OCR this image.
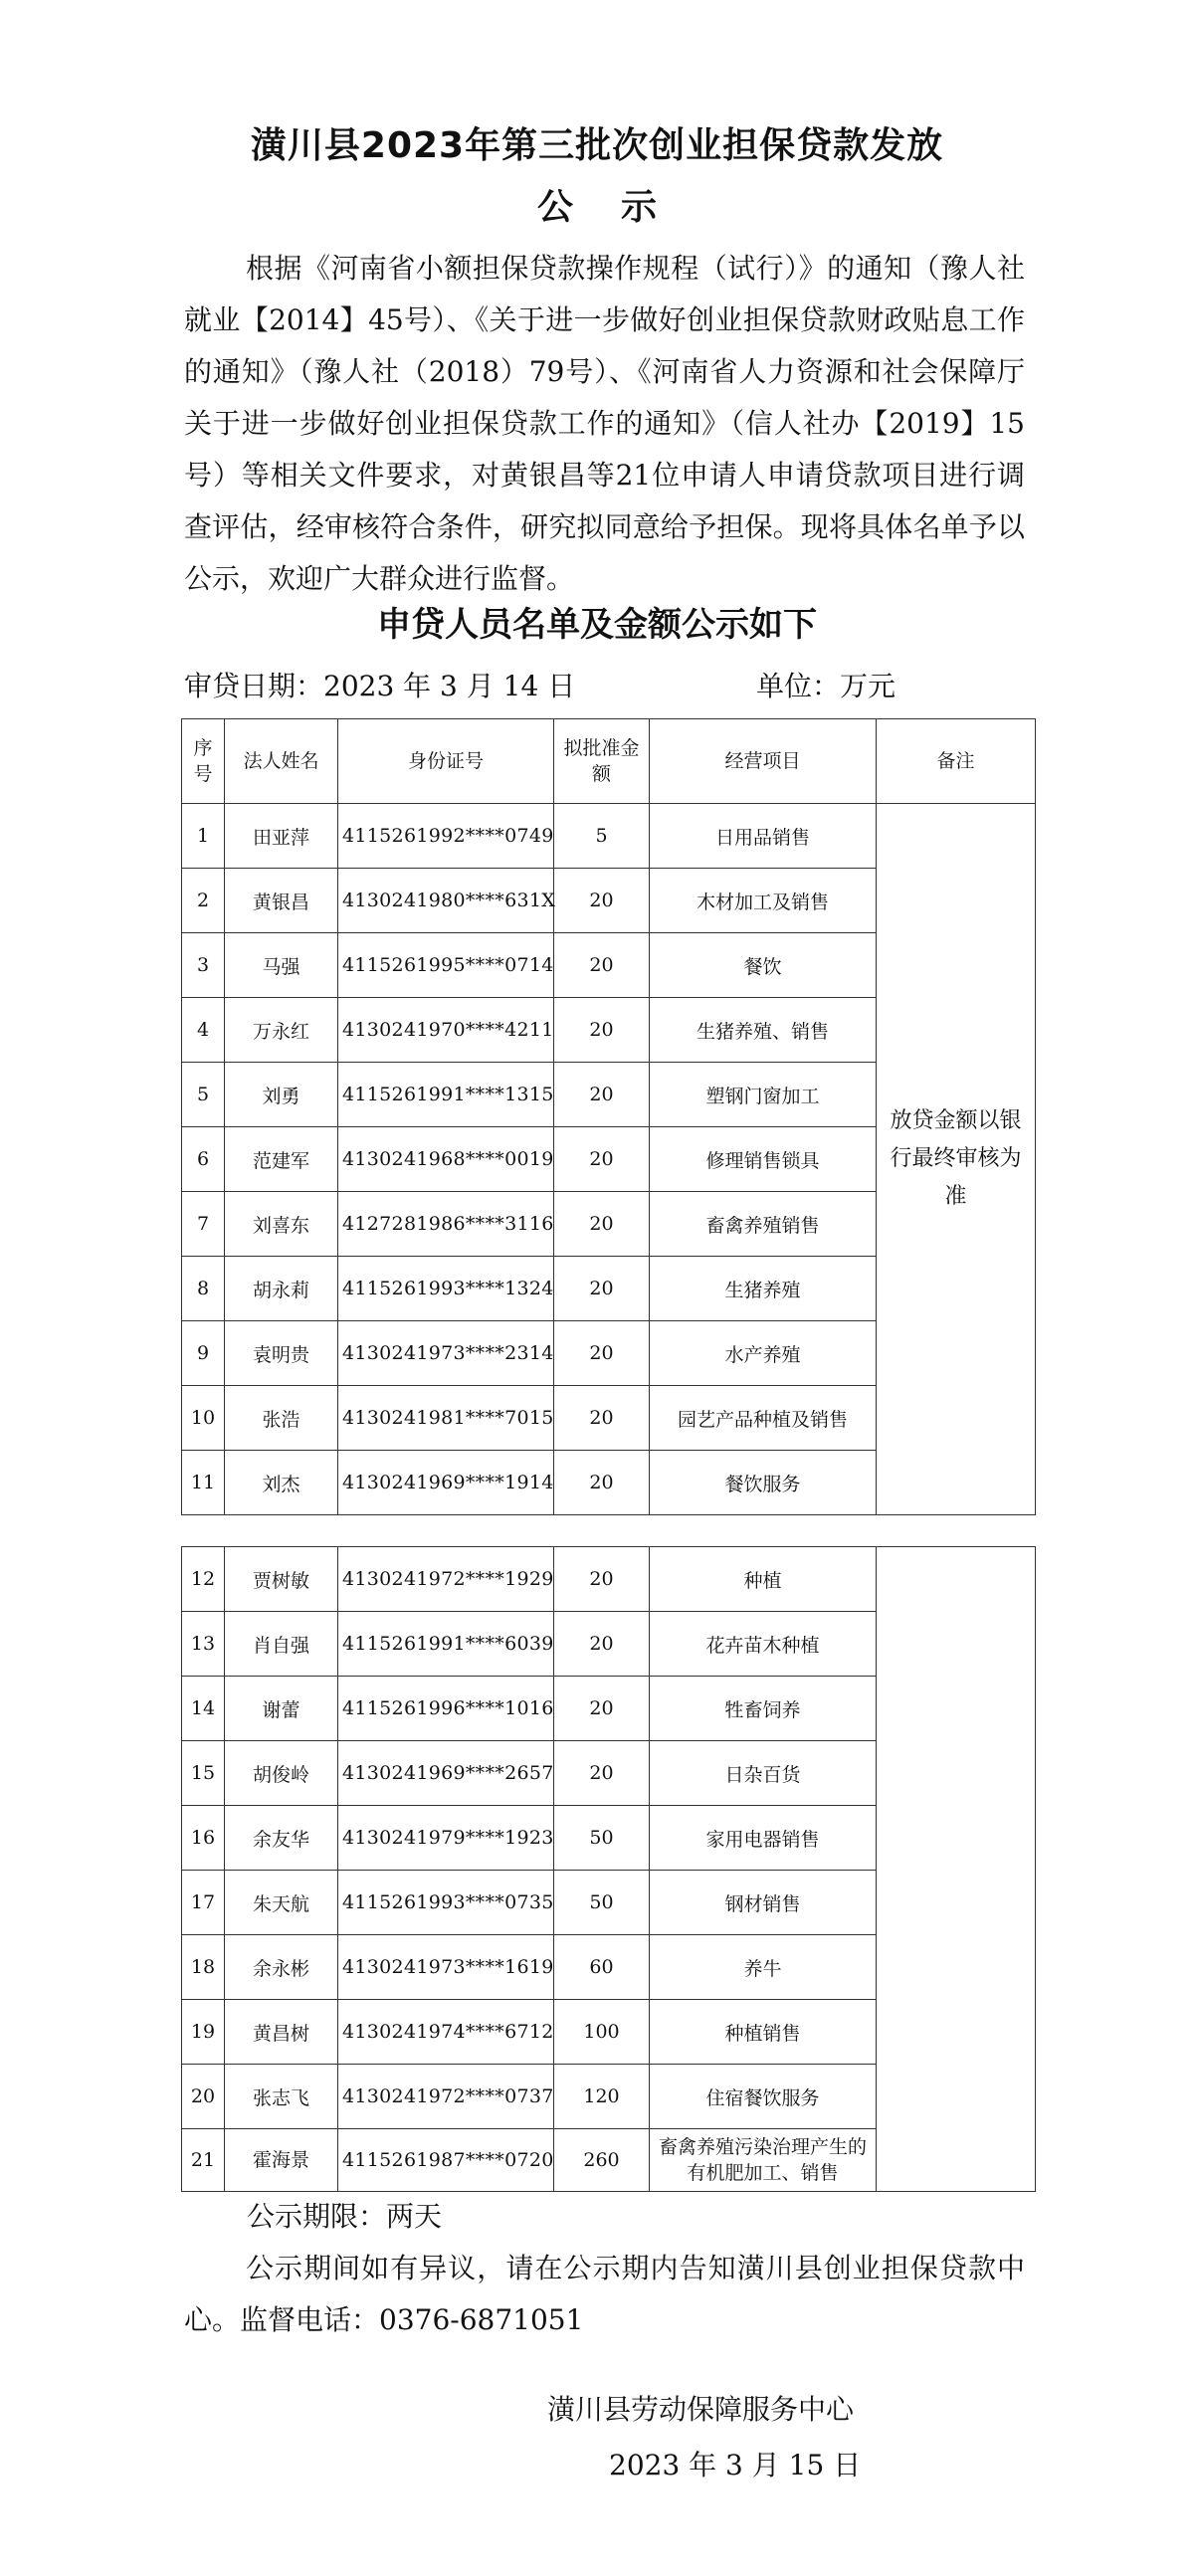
潢川县2023年第三批次创业担保贷款发放
公示
根据《河南省小额担保贷款操作规程（试行）》的通知（豫人社就业【2014】45号）、《关于进一步做好创业担保贷款财政贴息工作的通知》（豫人社（2018）79号）、《河南省人力资源和社会保障厅关于进一步做好创业担保贷款工作的通知》（信人社办【2019】15号）等相关文件要求，对黄银昌等21位申请人申请贷款项目进行调查评估，经审核符合条件，研究拟同意给予担保。现将具体名单予以公示，欢迎广大群众进行监督。
申贷人员名单及金额公示如下
审贷日期：2023 年 3 月 14 日	单位：万元
序号	法人姓名	身份证号	拟批准金额	经营项目	备注
1	田亚萍	4115261992****0749	5	日用品销售	放贷金额以银行最终审核为准
2	黄银昌	4130241980****631X	20	木材加工及销售	
3	马强	4115261995****0714	20	餐饮	
4	万永红	4130241970****4211	20	生猪养殖、销售	
5	刘勇	4115261991****1315	20	塑钢门窗加工	
6	范建军	4130241968****0019	20	修理销售锁具	
7	刘喜东	4127281986****3116	20	畜禽养殖销售	
8	胡永莉	4115261993****1324	20	生猪养殖	
9	袁明贵	4130241973****2314	20	水产养殖	
10	张浩	4130241981****7015	20	园艺产品种植及销售	
11	刘杰	4130241969****1914	20	餐饮服务	
12	贾树敏	4130241972****1929	20	种植	
13	肖自强	4115261991****6039	20	花卉苗木种植	
14	谢蕾	4115261996****1016	20	牲畜饲养	
15	胡俊岭	4130241969****2657	20	日杂百货	
16	余友华	4130241979****1923	50	家用电器销售	
17	朱天航	4115261993****0735	50	钢材销售	
18	余永彬	4130241973****1619	60	养牛	
19	黄昌树	4130241974****6712	100	种植销售	
20	张志飞	4130241972****0737	120	住宿餐饮服务	
21	霍海景	4115261987****0720	260	畜禽养殖污染治理产生的有机肥加工、销售	
公示期限：两天
公示期间如有异议，请在公示期内告知潢川县创业担保贷款中心。监督电话：0376-6871051
潢川县劳动保障服务中心
2023 年 3 月 15 日
